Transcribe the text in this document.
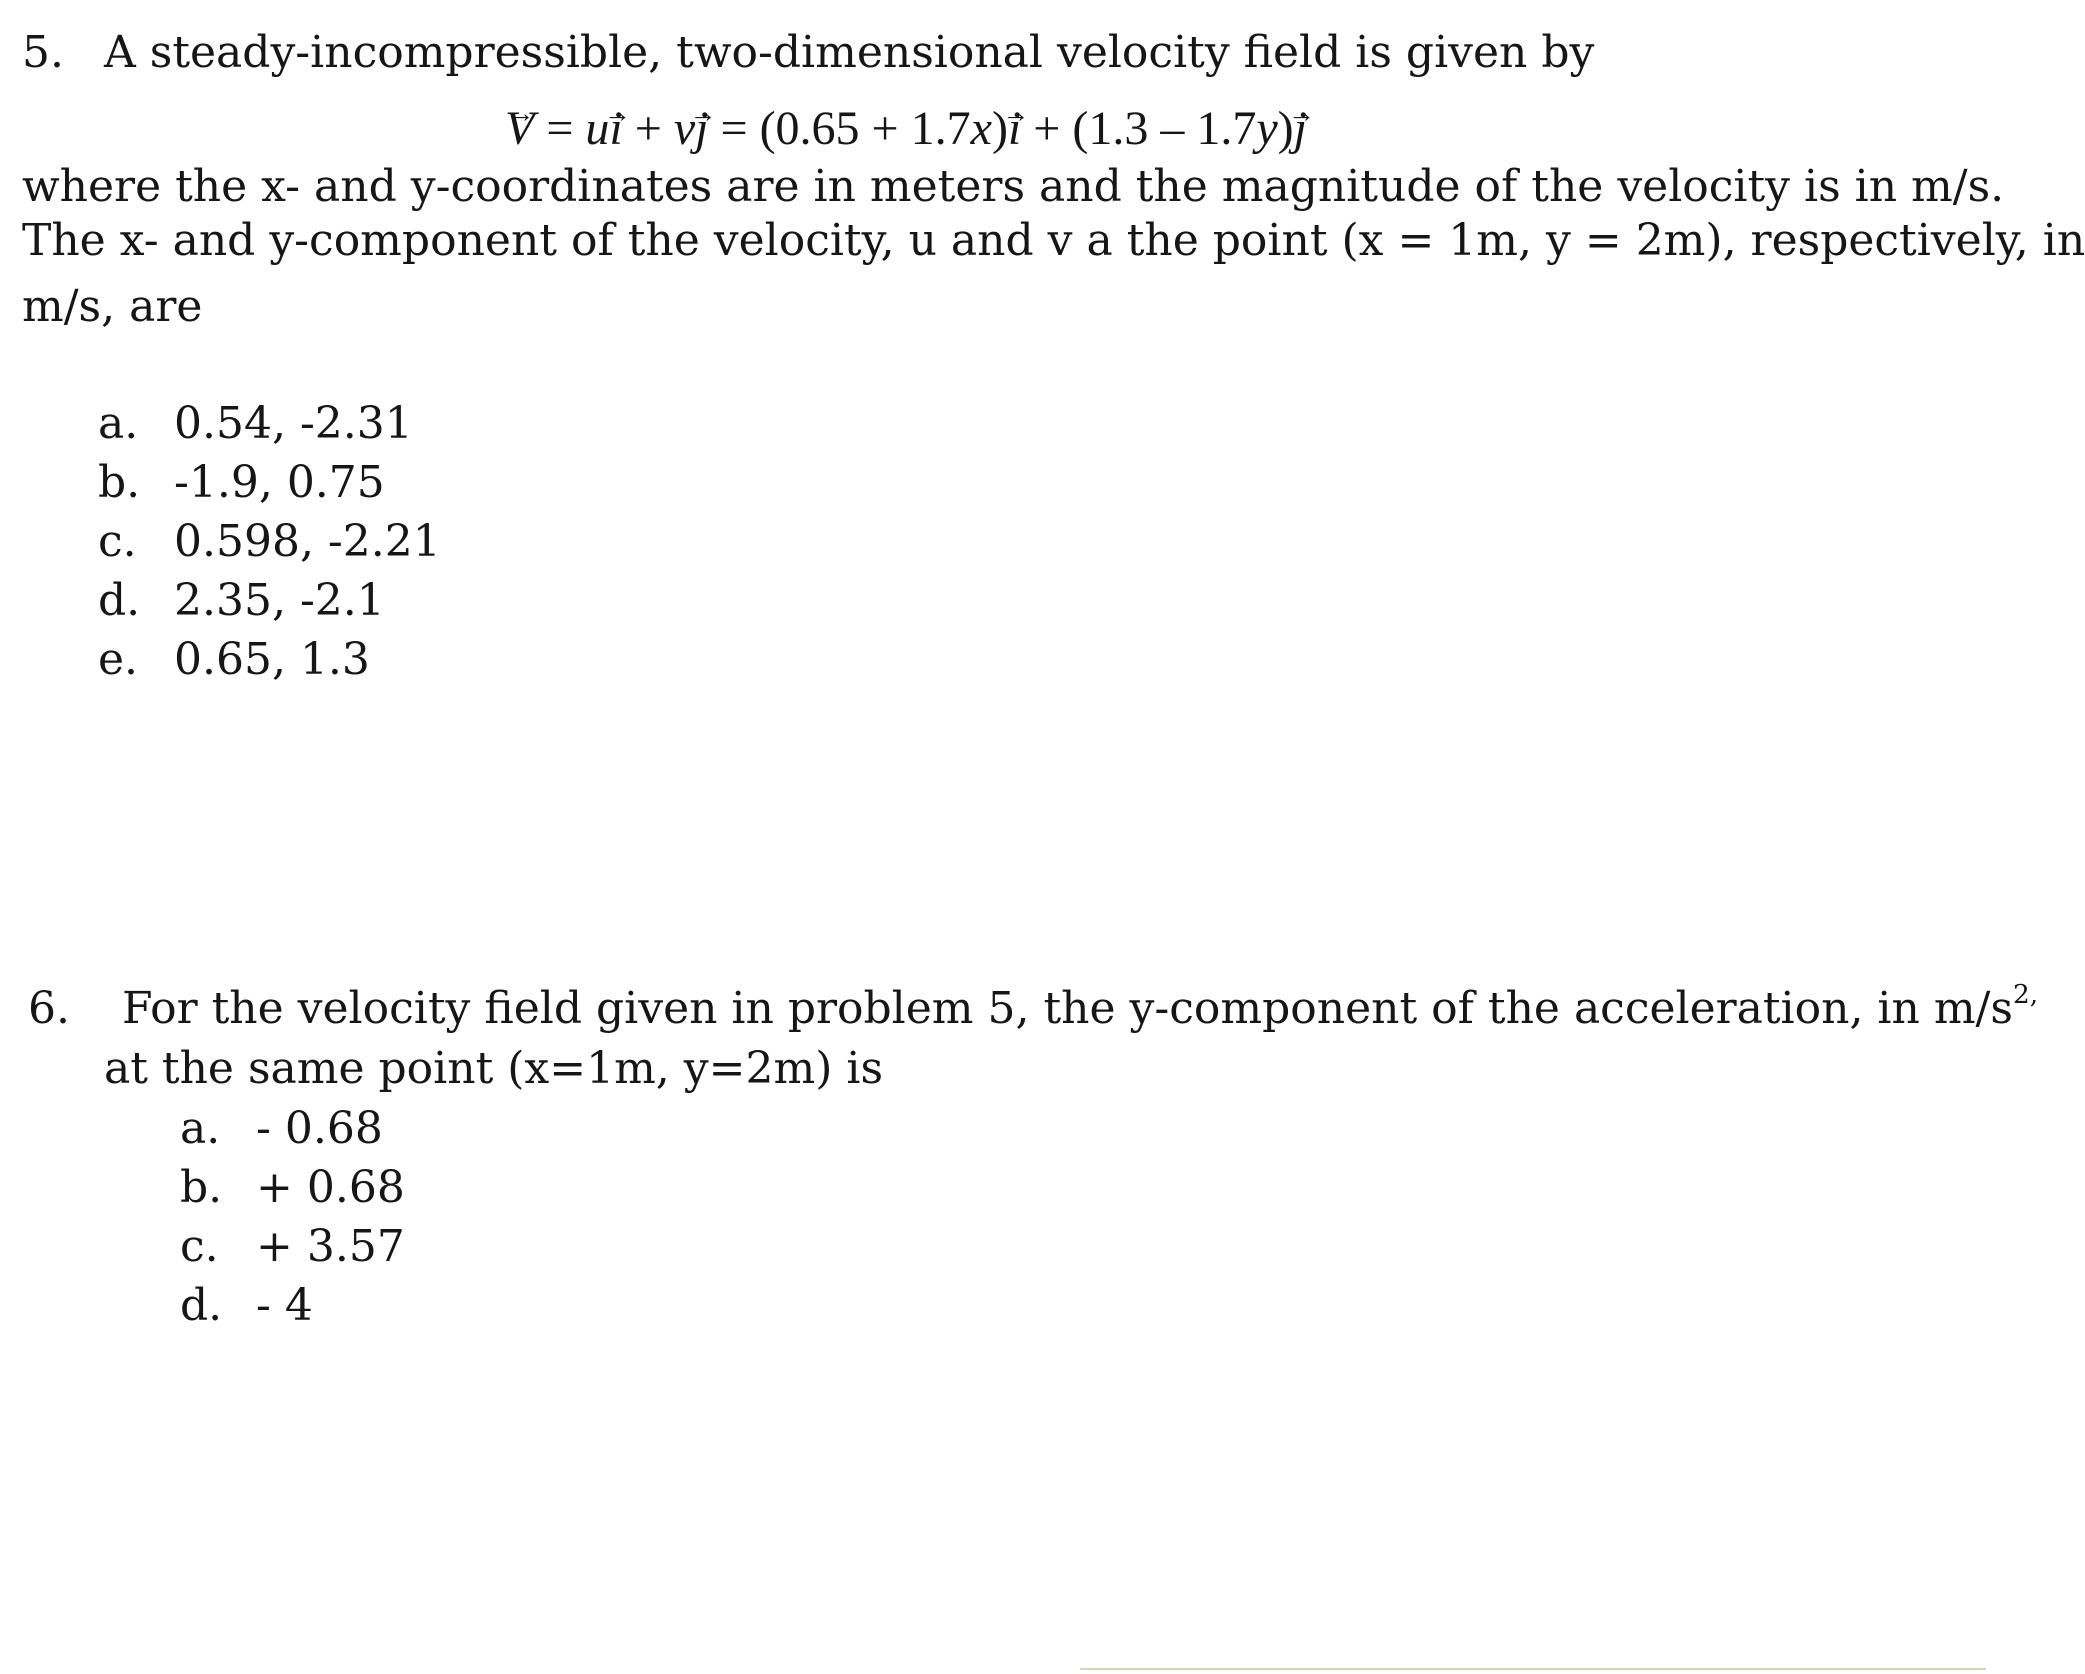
5. A steady-incompressible, two-dimensional velocity field is given by
V → = ui → + vj → = (0.65 + 1.7x)i → + (1.3 – 1.7y)j →
where the x- and y-coordinates are in meters and the magnitude of the velocity is in m/s.
The x- and y-component of the velocity, u and v a the point (x = 1m, y = 2m), respectively, in
m/s, are
a. 0.54, -2.31
b. -1.9, 0.75
c. 0.598, -2.21
d. 2.35, -2.1
e. 0.65, 1.3
6. For the velocity field given in problem 5, the y-component of the acceleration, in $m/s^{2,}$
at the same point (x=1m, y=2m) is
a. - 0.68
b. + 0.68
c. + 3.57
d. - 4
